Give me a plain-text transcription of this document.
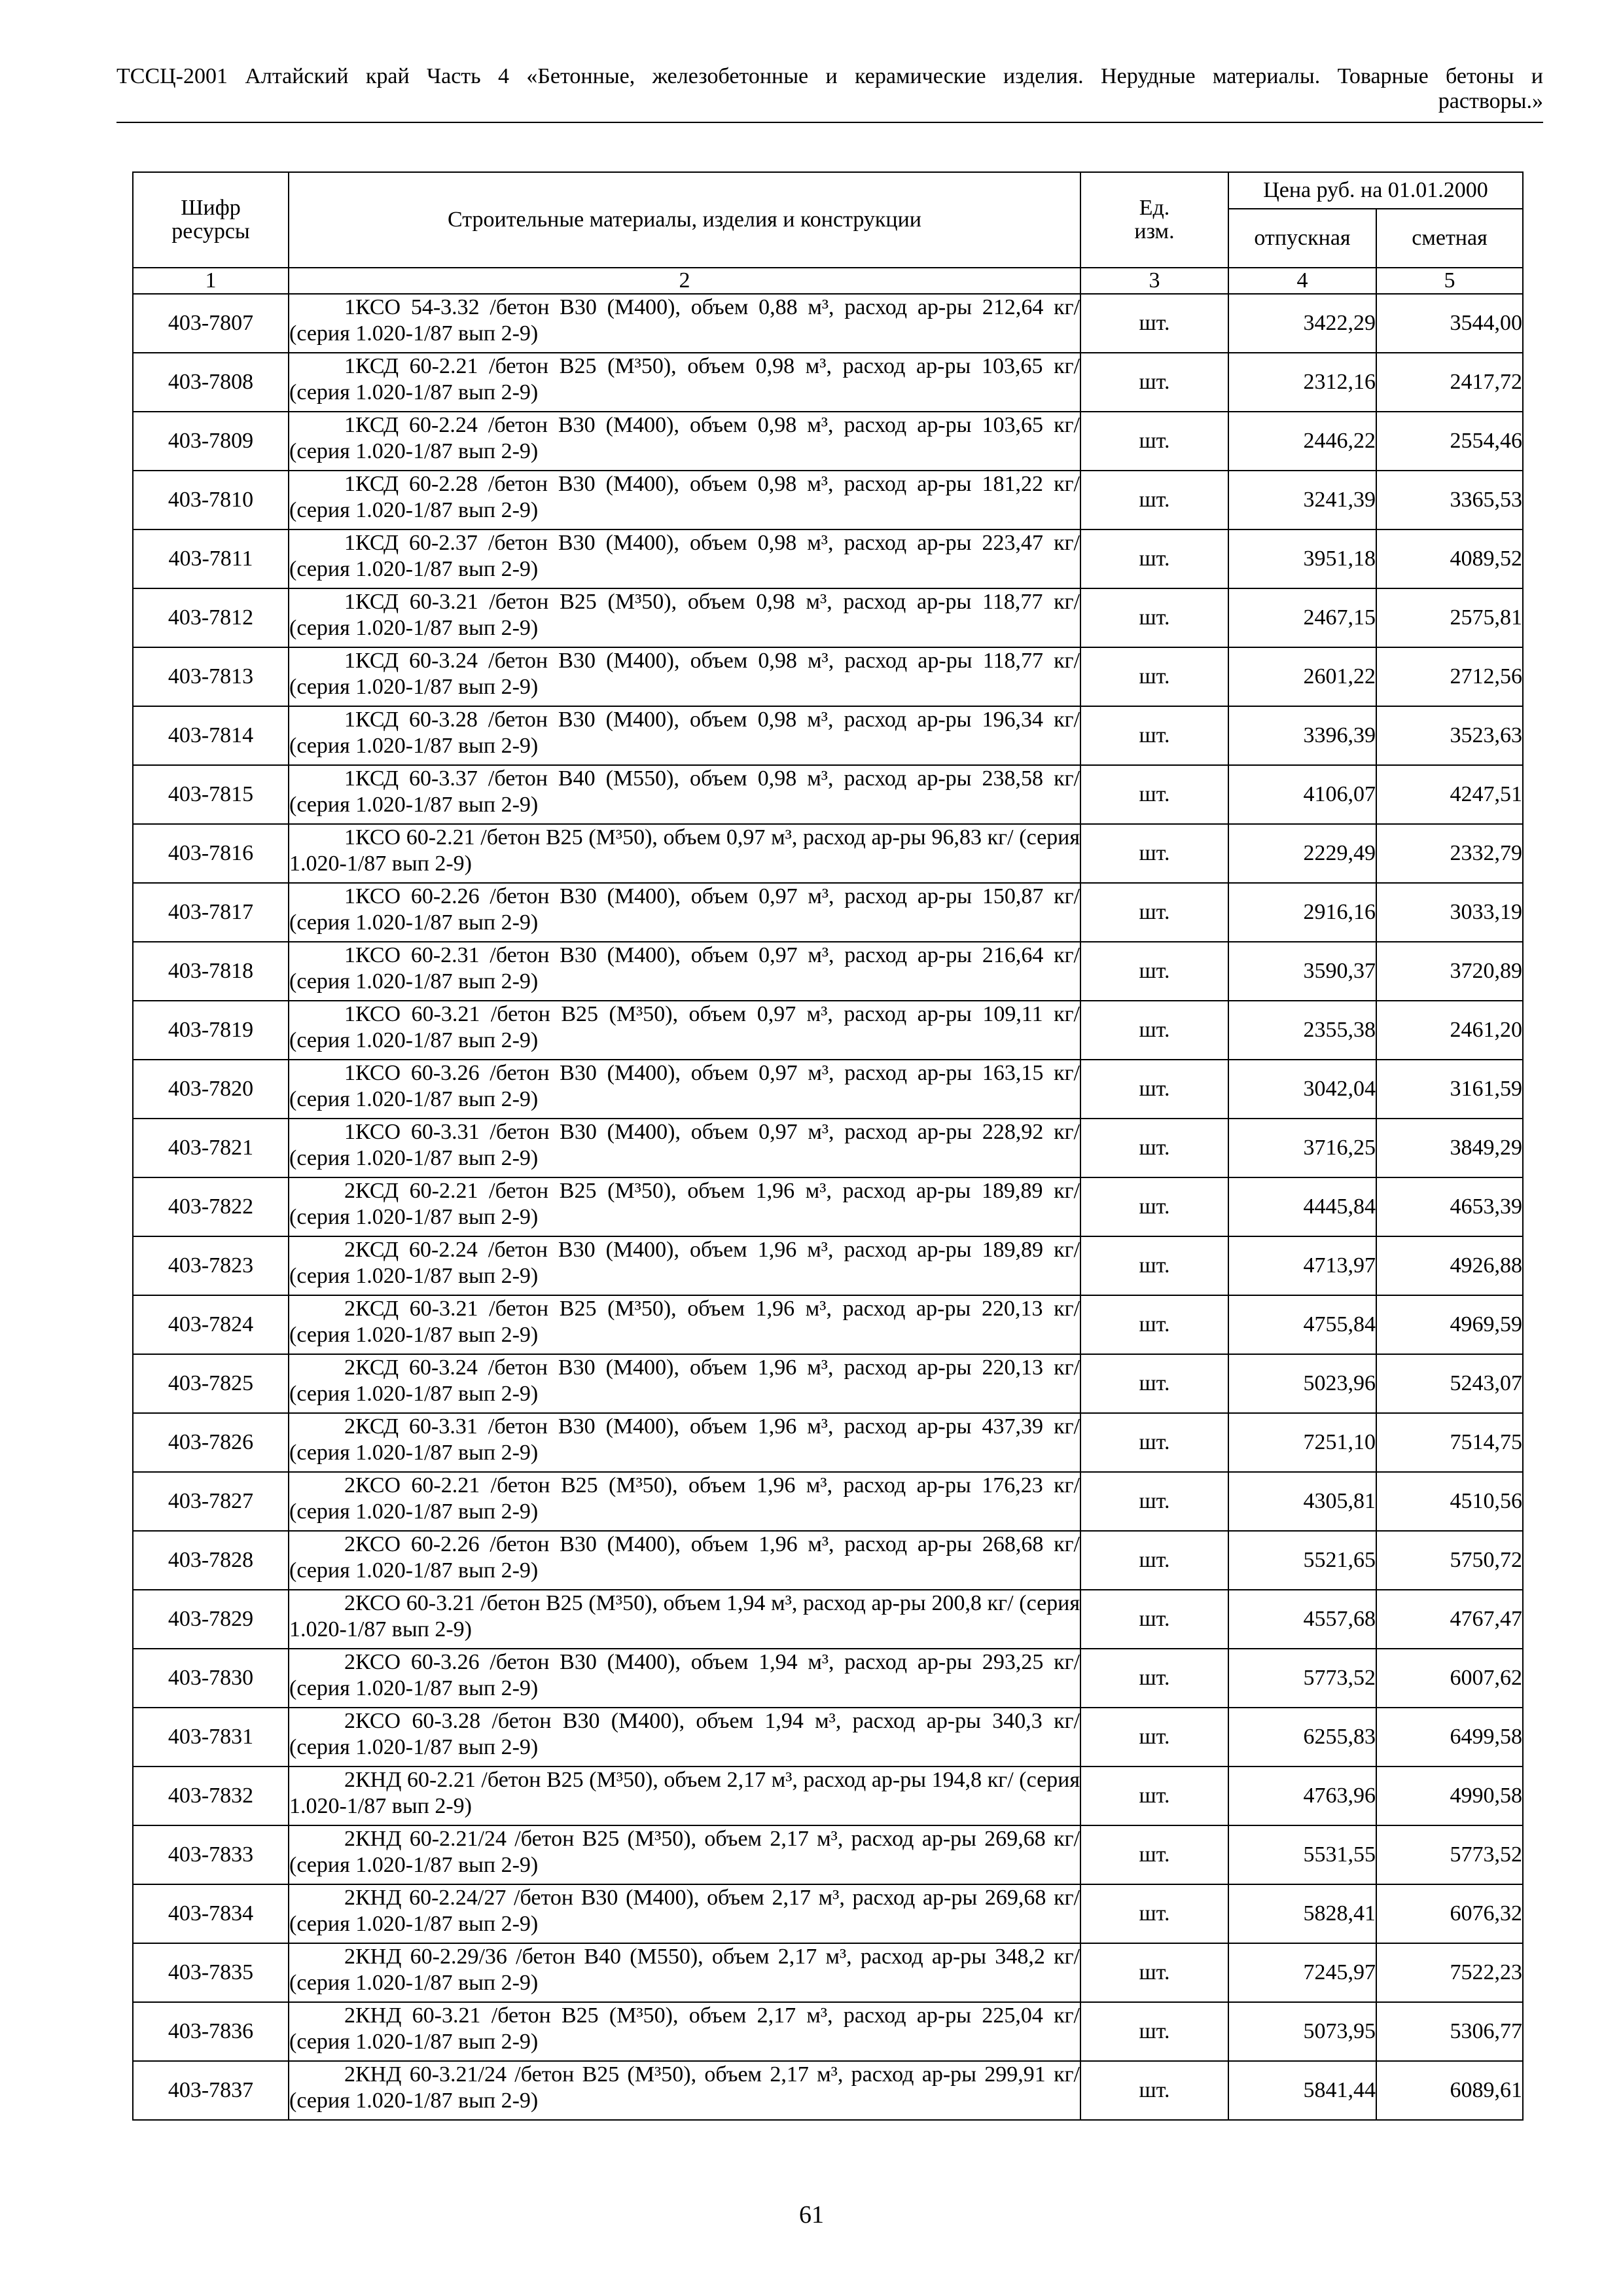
ТССЦ-2001 Алтайский край Часть 4 «Бетонные, железобетонные и керамические изделия. Нерудные материалы. Товарные бетоны и
растворы.»
Шифр ресурсы	Строительные материалы, изделия и конструкции	Ед. изм.	Цена руб. на 01.01.2000	
			отпускная	сметная
1	2	3	4	5
403-7807	1КСО 54-3.32 /бетон B30 (M400), объем 0,88 м³, расход ар-ры 212,64 кг/ (серия 1.020-1/87 вып 2-9)	шт.	3422,29	3544,00
403-7808	1КСД 60-2.21 /бетон B25 (M³50), объем 0,98 м³, расход ар-ры 103,65 кг/ (серия 1.020-1/87 вып 2-9)	шт.	2312,16	2417,72
403-7809	1КСД 60-2.24 /бетон B30 (M400), объем 0,98 м³, расход ар-ры 103,65 кг/ (серия 1.020-1/87 вып 2-9)	шт.	2446,22	2554,46
403-7810	1КСД 60-2.28 /бетон B30 (M400), объем 0,98 м³, расход ар-ры 181,22 кг/ (серия 1.020-1/87 вып 2-9)	шт.	3241,39	3365,53
403-7811	1КСД 60-2.37 /бетон B30 (M400), объем 0,98 м³, расход ар-ры 223,47 кг/ (серия 1.020-1/87 вып 2-9)	шт.	3951,18	4089,52
403-7812	1КСД 60-3.21 /бетон B25 (M³50), объем 0,98 м³, расход ар-ры 118,77 кг/ (серия 1.020-1/87 вып 2-9)	шт.	2467,15	2575,81
403-7813	1КСД 60-3.24 /бетон B30 (M400), объем 0,98 м³, расход ар-ры 118,77 кг/ (серия 1.020-1/87 вып 2-9)	шт.	2601,22	2712,56
403-7814	1КСД 60-3.28 /бетон B30 (M400), объем 0,98 м³, расход ар-ры 196,34 кг/ (серия 1.020-1/87 вып 2-9)	шт.	3396,39	3523,63
403-7815	1КСД 60-3.37 /бетон B40 (M550), объем 0,98 м³, расход ар-ры 238,58 кг/ (серия 1.020-1/87 вып 2-9)	шт.	4106,07	4247,51
403-7816	1КСО 60-2.21 /бетон B25 (M³50), объем 0,97 м³, расход ар-ры 96,83 кг/ (серия 1.020-1/87 вып 2-9)	шт.	2229,49	2332,79
403-7817	1КСО 60-2.26 /бетон B30 (M400), объем 0,97 м³, расход ар-ры 150,87 кг/ (серия 1.020-1/87 вып 2-9)	шт.	2916,16	3033,19
403-7818	1КСО 60-2.31 /бетон B30 (M400), объем 0,97 м³, расход ар-ры 216,64 кг/ (серия 1.020-1/87 вып 2-9)	шт.	3590,37	3720,89
403-7819	1КСО 60-3.21 /бетон B25 (M³50), объем 0,97 м³, расход ар-ры 109,11 кг/ (серия 1.020-1/87 вып 2-9)	шт.	2355,38	2461,20
403-7820	1КСО 60-3.26 /бетон B30 (M400), объем 0,97 м³, расход ар-ры 163,15 кг/ (серия 1.020-1/87 вып 2-9)	шт.	3042,04	3161,59
403-7821	1КСО 60-3.31 /бетон B30 (M400), объем 0,97 м³, расход ар-ры 228,92 кг/ (серия 1.020-1/87 вып 2-9)	шт.	3716,25	3849,29
403-7822	2КСД 60-2.21 /бетон B25 (M³50), объем 1,96 м³, расход ар-ры 189,89 кг/ (серия 1.020-1/87 вып 2-9)	шт.	4445,84	4653,39
403-7823	2КСД 60-2.24 /бетон B30 (M400), объем 1,96 м³, расход ар-ры 189,89 кг/ (серия 1.020-1/87 вып 2-9)	шт.	4713,97	4926,88
403-7824	2КСД 60-3.21 /бетон B25 (M³50), объем 1,96 м³, расход ар-ры 220,13 кг/ (серия 1.020-1/87 вып 2-9)	шт.	4755,84	4969,59
403-7825	2КСД 60-3.24 /бетон B30 (M400), объем 1,96 м³, расход ар-ры 220,13 кг/ (серия 1.020-1/87 вып 2-9)	шт.	5023,96	5243,07
403-7826	2КСД 60-3.31 /бетон B30 (M400), объем 1,96 м³, расход ар-ры 437,39 кг/ (серия 1.020-1/87 вып 2-9)	шт.	7251,10	7514,75
403-7827	2КСО 60-2.21 /бетон B25 (M³50), объем 1,96 м³, расход ар-ры 176,23 кг/ (серия 1.020-1/87 вып 2-9)	шт.	4305,81	4510,56
403-7828	2КСО 60-2.26 /бетон B30 (M400), объем 1,96 м³, расход ар-ры 268,68 кг/ (серия 1.020-1/87 вып 2-9)	шт.	5521,65	5750,72
403-7829	2КСО 60-3.21 /бетон B25 (M³50), объем 1,94 м³, расход ар-ры 200,8 кг/ (серия 1.020-1/87 вып 2-9)	шт.	4557,68	4767,47
403-7830	2КСО 60-3.26 /бетон B30 (M400), объем 1,94 м³, расход ар-ры 293,25 кг/ (серия 1.020-1/87 вып 2-9)	шт.	5773,52	6007,62
403-7831	2КСО 60-3.28 /бетон B30 (M400), объем 1,94 м³, расход ар-ры 340,3 кг/ (серия 1.020-1/87 вып 2-9)	шт.	6255,83	6499,58
403-7832	2КНД 60-2.21 /бетон B25 (M³50), объем 2,17 м³, расход ар-ры 194,8 кг/ (серия 1.020-1/87 вып 2-9)	шт.	4763,96	4990,58
403-7833	2КНД 60-2.21/24 /бетон B25 (M³50), объем 2,17 м³, расход ар-ры 269,68 кг/ (серия 1.020-1/87 вып 2-9)	шт.	5531,55	5773,52
403-7834	2КНД 60-2.24/27 /бетон B30 (M400), объем 2,17 м³, расход ар-ры 269,68 кг/ (серия 1.020-1/87 вып 2-9)	шт.	5828,41	6076,32
403-7835	2КНД 60-2.29/36 /бетон B40 (M550), объем 2,17 м³, расход ар-ры 348,2 кг/ (серия 1.020-1/87 вып 2-9)	шт.	7245,97	7522,23
403-7836	2КНД 60-3.21 /бетон B25 (M³50), объем 2,17 м³, расход ар-ры 225,04 кг/ (серия 1.020-1/87 вып 2-9)	шт.	5073,95	5306,77
403-7837	2КНД 60-3.21/24 /бетон B25 (M³50), объем 2,17 м³, расход ар-ры 299,91 кг/ (серия 1.020-1/87 вып 2-9)	шт.	5841,44	6089,61
61
